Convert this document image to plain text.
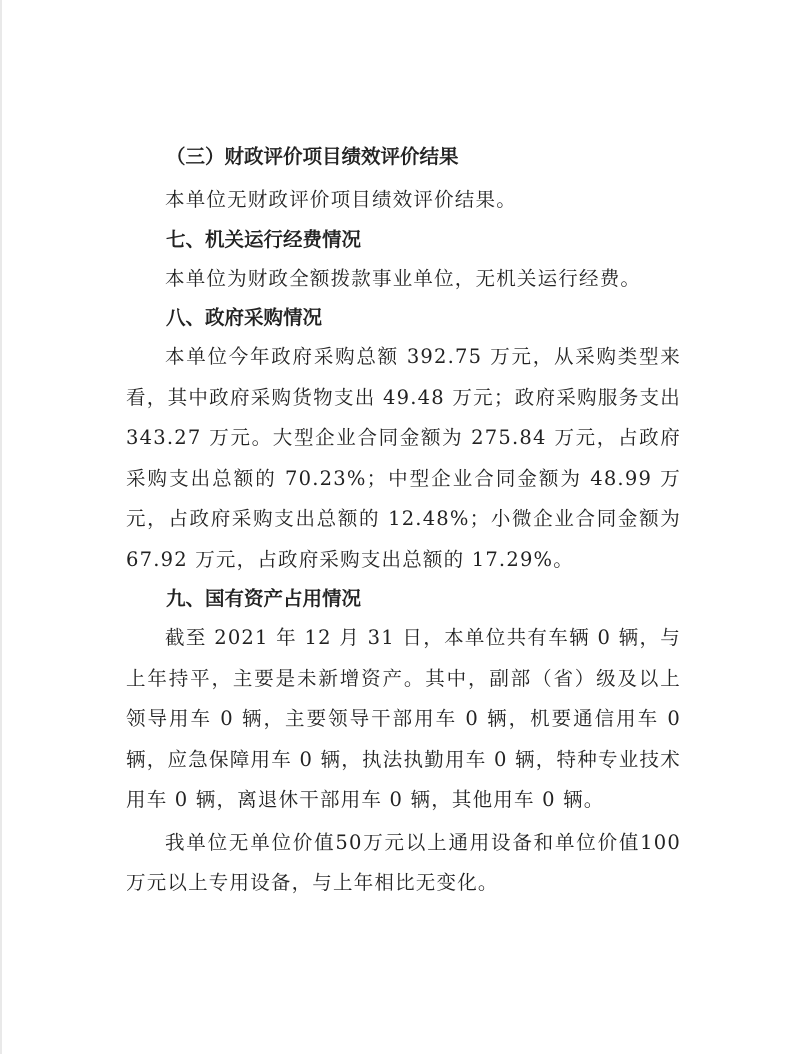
（三）财政评价项目绩效评价结果

本单位无财政评价项目绩效评价结果。

七、机关运行经费情况

本单位为财政全额拨款事业单位，无机关运行经费。

八、政府采购情况

本单位今年政府采购总额 392.75 万元，从采购类型来看，其中政府采购货物支出 49.48 万元；政府采购服务支出 343.27 万元。大型企业合同金额为 275.84 万元，占政府采购支出总额的 70.23%；中型企业合同金额为 48.99 万元，占政府采购支出总额的 12.48%；小微企业合同金额为 67.92 万元，占政府采购支出总额的 17.29%。

九、国有资产占用情况

截至 2021 年 12 月 31 日，本单位共有车辆 0 辆，与上年持平，主要是未新增资产。其中，副部（省）级及以上领导用车 0 辆，主要领导干部用车 0 辆，机要通信用车 0 辆，应急保障用车 0 辆，执法执勤用车 0 辆，特种专业技术用车 0 辆，离退休干部用车 0 辆，其他用车 0 辆。

我单位无单位价值50万元以上通用设备和单位价值100万元以上专用设备，与上年相比无变化。
